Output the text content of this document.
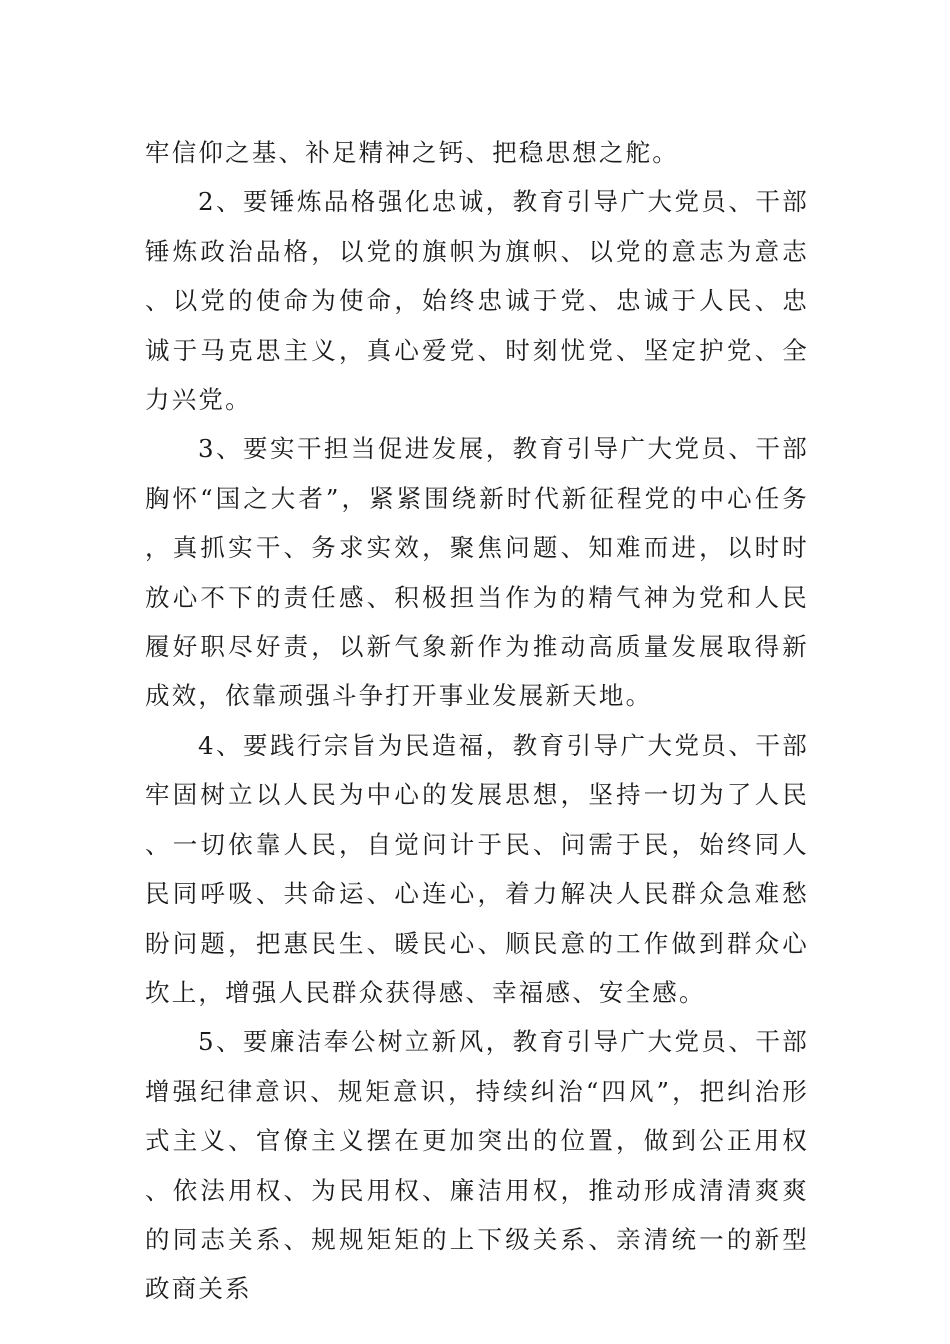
牢信仰之基、补足精神之钙、把稳思想之舵。

2、要锤炼品格强化忠诚，教育引导广大党员、干部锤炼政治品格，以党的旗帜为旗帜、以党的意志为意志、以党的使命为使命，始终忠诚于党、忠诚于人民、忠诚于马克思主义，真心爱党、时刻忧党、坚定护党、全力兴党。

3、要实干担当促进发展，教育引导广大党员、干部胸怀“国之大者”，紧紧围绕新时代新征程党的中心任务，真抓实干、务求实效，聚焦问题、知难而进，以时时放心不下的责任感、积极担当作为的精气神为党和人民履好职尽好责，以新气象新作为推动高质量发展取得新成效，依靠顽强斗争打开事业发展新天地。

4、要践行宗旨为民造福，教育引导广大党员、干部牢固树立以人民为中心的发展思想，坚持一切为了人民、一切依靠人民，自觉问计于民、问需于民，始终同人民同呼吸、共命运、心连心，着力解决人民群众急难愁盼问题，把惠民生、暖民心、顺民意的工作做到群众心坎上，增强人民群众获得感、幸福感、安全感。

5、要廉洁奉公树立新风，教育引导广大党员、干部增强纪律意识、规矩意识，持续纠治“四风”，把纠治形式主义、官僚主义摆在更加突出的位置，做到公正用权、依法用权、为民用权、廉洁用权，推动形成清清爽爽的同志关系、规规矩矩的上下级关系、亲清统一的新型政商关系
